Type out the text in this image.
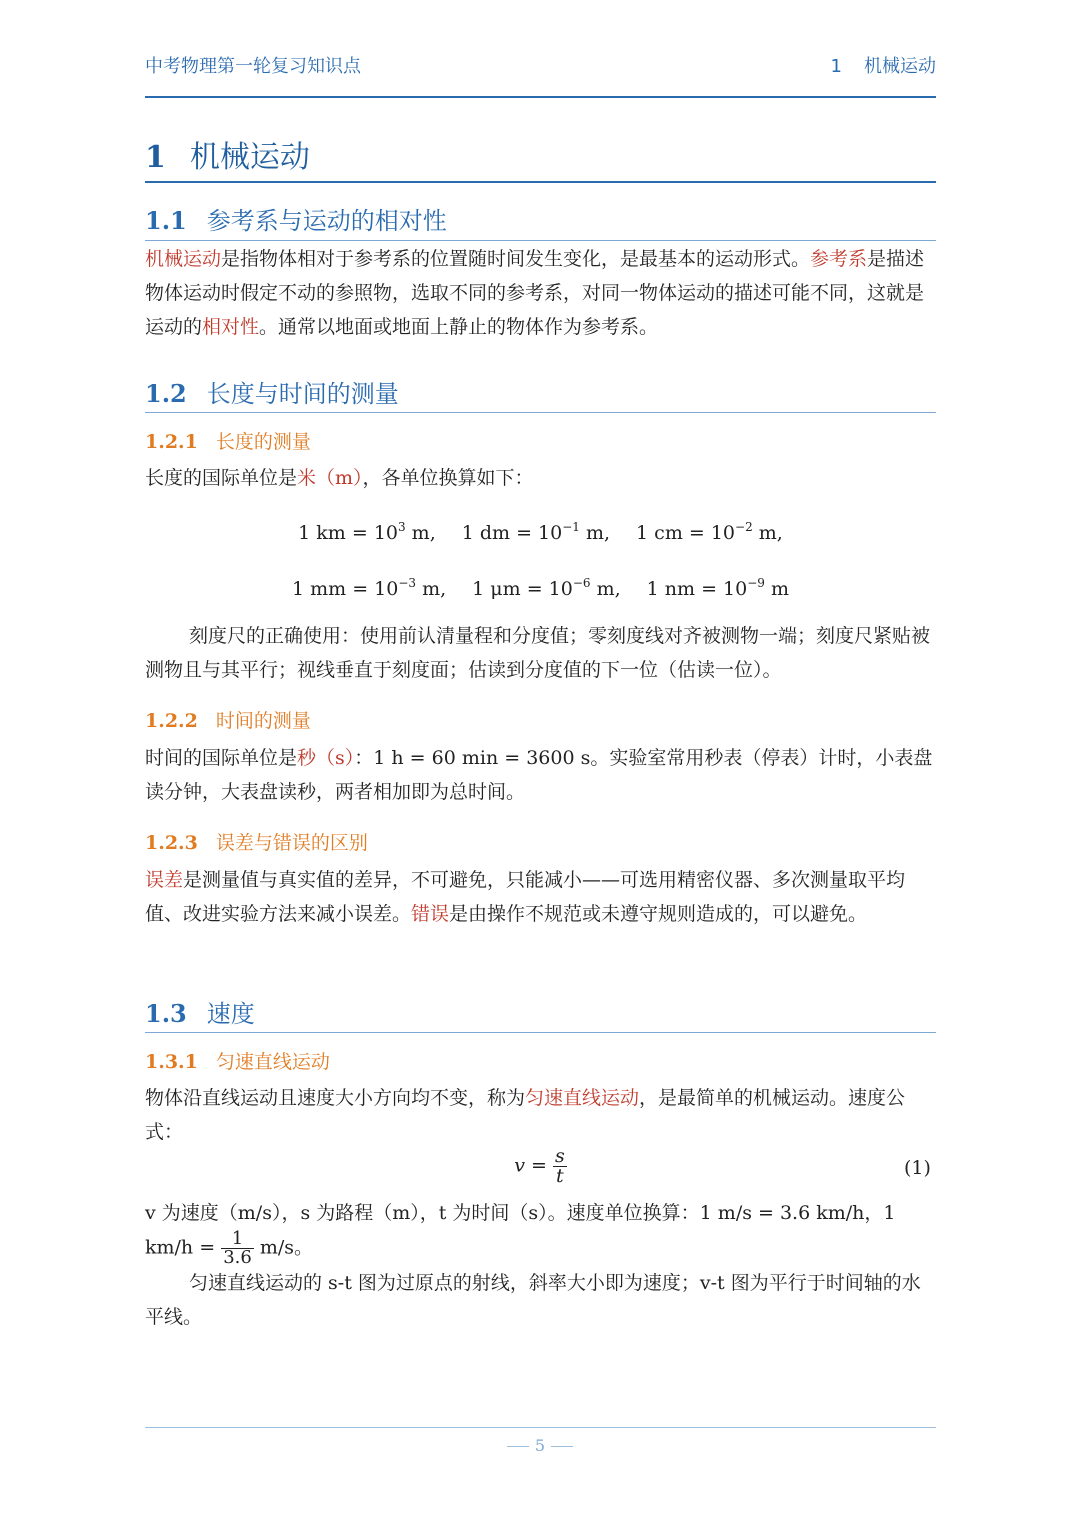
中考物理第一轮复习知识点	1 机械运动
1 机械运动
1.1 参考系与运动的相对性
机械运动是指物体相对于参考系的位置随时间发生变化，是最基本的运动形式。参考系是描述物体运动时假定不动的参照物，选取不同的参考系，对同一物体运动的描述可能不同，这就是运动的相对性。通常以地面或地面上静止的物体作为参考系。
1.2 长度与时间的测量
1.2.1 长度的测量
长度的国际单位是米（m），各单位换算如下：
1 km = $10^3$ m, 1 dm = $10^{-1}$ m, 1 cm = $10^{-2}$ m,
1 mm = $10^{-3}$ m, 1 $\mu m = 10^{-6}$ m, 1 nm = $10^{-9}$ m
刻度尺的正确使用：使用前认清量程和分度值；零刻度线对齐被测物一端；刻度尺紧贴被测物且与其平行；视线垂直于刻度面；估读到分度值的下一位（估读一位）。
1.2.2 时间的测量
时间的国际单位是秒（s）：1 h = 60 min = 3600 s。实验室常用秒表（停表）计时，小表盘读分钟，大表盘读秒，两者相加即为总时间。
1.2.3 误差与错误的区别
误差是测量值与真实值的差异，不可避免，只能减小——可选用精密仪器、多次测量取平均值、改进实验方法来减小误差。错误是由操作不规范或未遵守规则造成的，可以避免。
1.3 速度
1.3.1 匀速直线运动
物体沿直线运动且速度大小方向均不变，称为匀速直线运动，是最简单的机械运动。速度公式：
$v = \frac{s}{t}$	(1)
v 为速度（m/s），s 为路程（m），t 为时间（s）。速度单位换算：1 m/s = 3.6 km/h，1 $km/h = \frac{1}{3.6} m/s$。
匀速直线运动的 s-t 图为过原点的射线，斜率大小即为速度；v-t 图为平行于时间轴的水平线。
5
